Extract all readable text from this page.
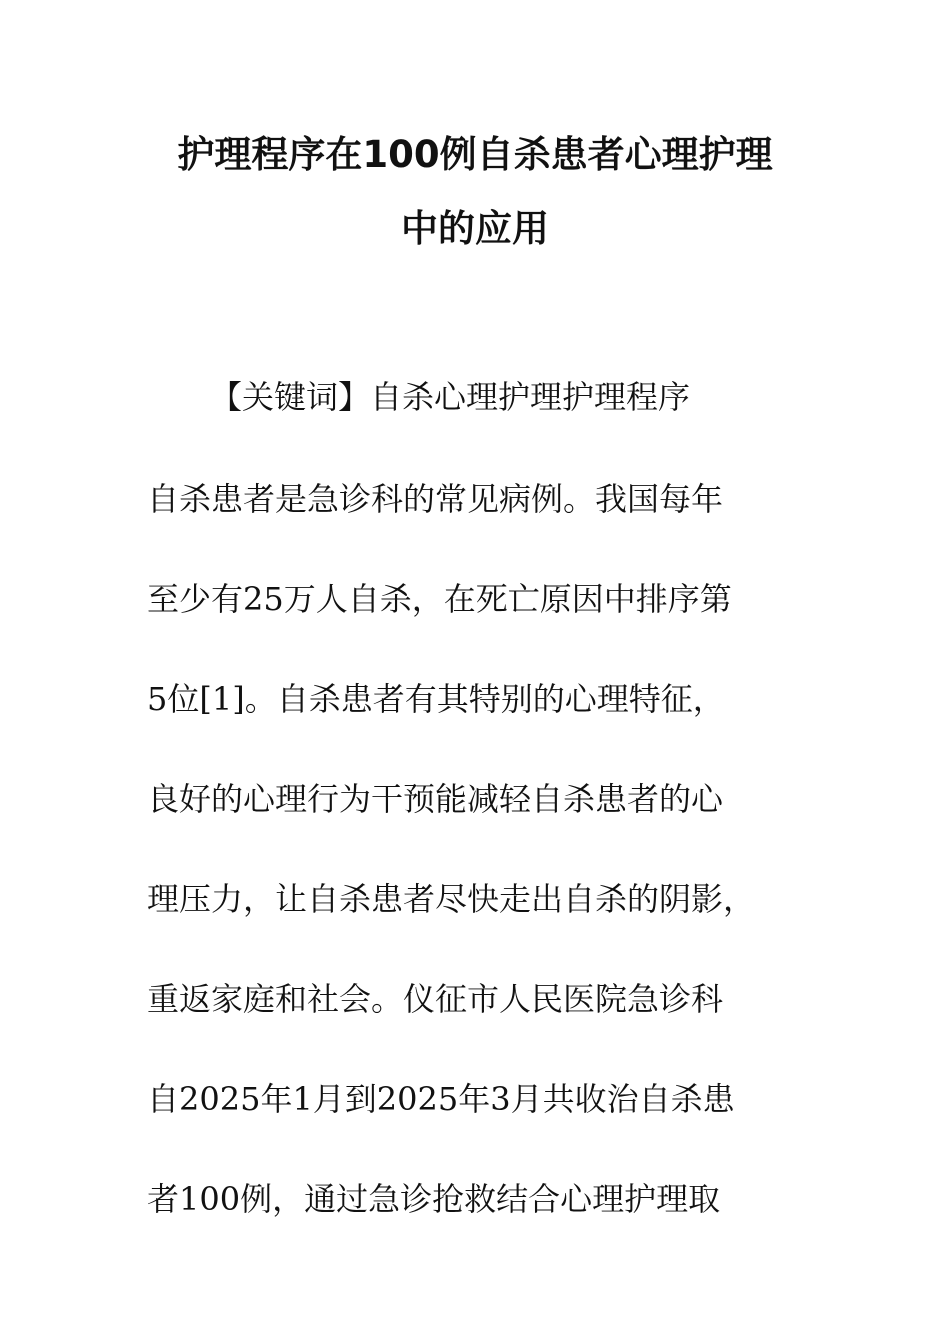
护理程序在100例自杀患者心理护理
中的应用
【关键词】自杀心理护理护理程序
自杀患者是急诊科的常见病例。我国每年
至少有25万人自杀，在死亡原因中排序第
5位[1]。自杀患者有其特别的心理特征，
良好的心理行为干预能减轻自杀患者的心
理压力，让自杀患者尽快走出自杀的阴影，
重返家庭和社会。仪征市人民医院急诊科
自2025年1月到2025年3月共收治自杀患
者100例，通过急诊抢救结合心理护理取
